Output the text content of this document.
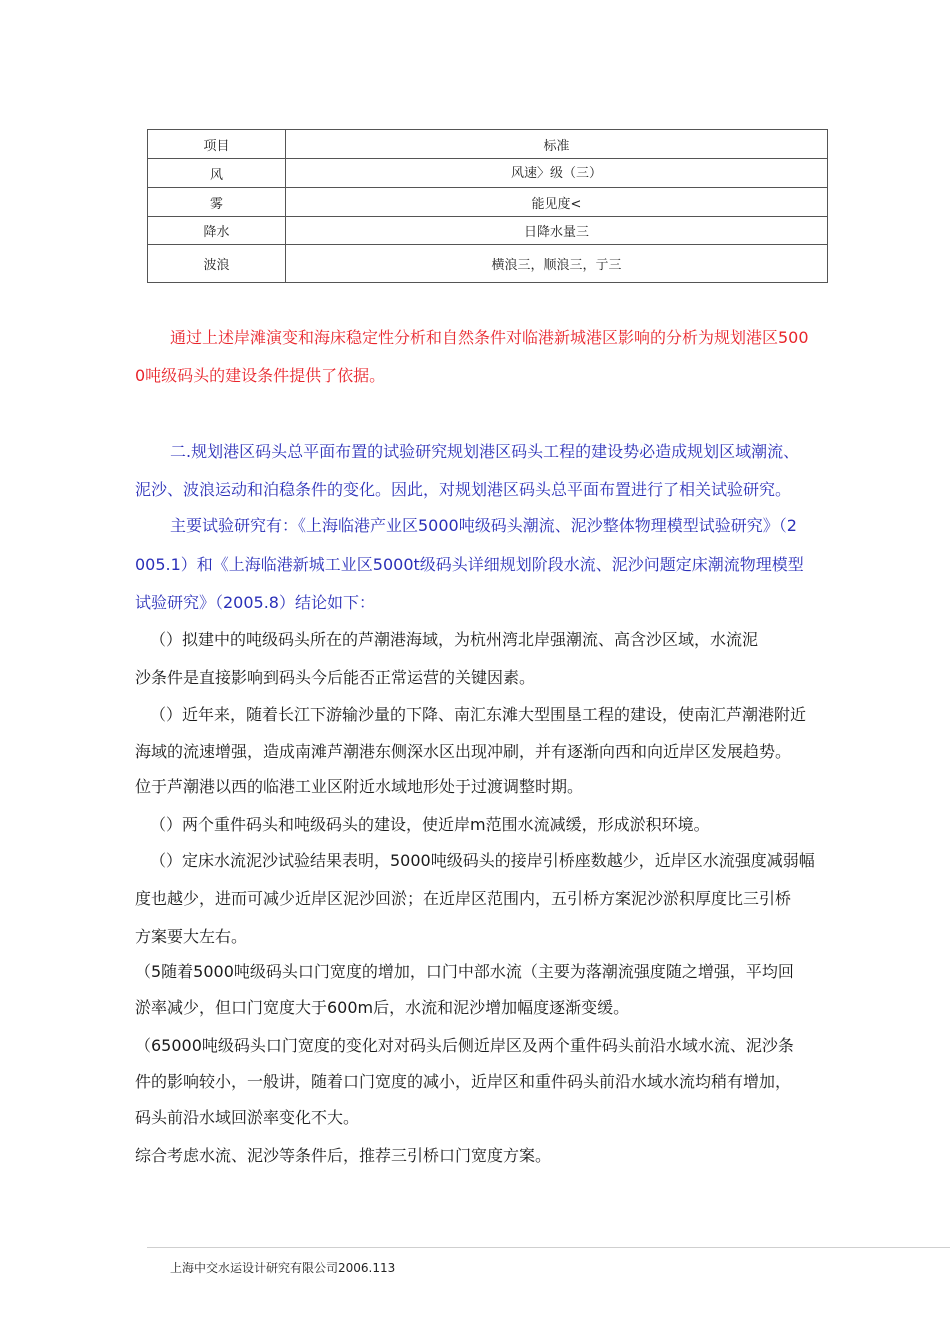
项目	标准
风	风速〉级（三）
雾	能见度<
降水	日降水量三
波浪	横浪三，顺浪三，亍三

通过上述岸滩演变和海床稳定性分析和自然条件对临港新城港区影响的分析为规划港区500

0吨级码头的建设条件提供了依据。

二.规划港区码头总平面布置的试验研究规划港区码头工程的建设势必造成规划区域潮流、

泥沙、波浪运动和泊稳条件的变化。因此，对规划港区码头总平面布置进行了相关试验研究。

主要试验研究有：《上海临港产业区5000吨级码头潮流、泥沙整体物理模型试验研究》（2

005.1）和《上海临港新城工业区5000t级码头详细规划阶段水流、泥沙问题定床潮流物理模型

试验研究》（2005.8）结论如下：

（）拟建中的吨级码头所在的芦潮港海域，为杭州湾北岸强潮流、高含沙区域，水流泥

沙条件是直接影响到码头今后能否正常运营的关键因素。

（）近年来，随着长江下游输沙量的下降、南汇东滩大型围垦工程的建设，使南汇芦潮港附近

海域的流速增强，造成南滩芦潮港东侧深水区出现冲刷，并有逐渐向西和向近岸区发展趋势。

位于芦潮港以西的临港工业区附近水域地形处于过渡调整时期。

（）两个重件码头和吨级码头的建设，使近岸m范围水流减缓，形成淤积环境。

（）定床水流泥沙试验结果表明，5000吨级码头的接岸引桥座数越少，近岸区水流强度减弱幅

度也越少，进而可减少近岸区泥沙回淤；在近岸区范围内，五引桥方案泥沙淤积厚度比三引桥

方案要大左右。

（5随着5000吨级码头口门宽度的增加，口门中部水流（主要为落潮流强度随之增强，平均回

淤率减少，但口门宽度大于600m后，水流和泥沙增加幅度逐渐变缓。

（65000吨级码头口门宽度的变化对对码头后侧近岸区及两个重件码头前沿水域水流、泥沙条

件的影响较小，一般讲，随着口门宽度的减小，近岸区和重件码头前沿水域水流均稍有增加，

码头前沿水域回淤率变化不大。

综合考虑水流、泥沙等条件后，推荐三引桥口门宽度方案。

上海中交水运设计研究有限公司2006.113
